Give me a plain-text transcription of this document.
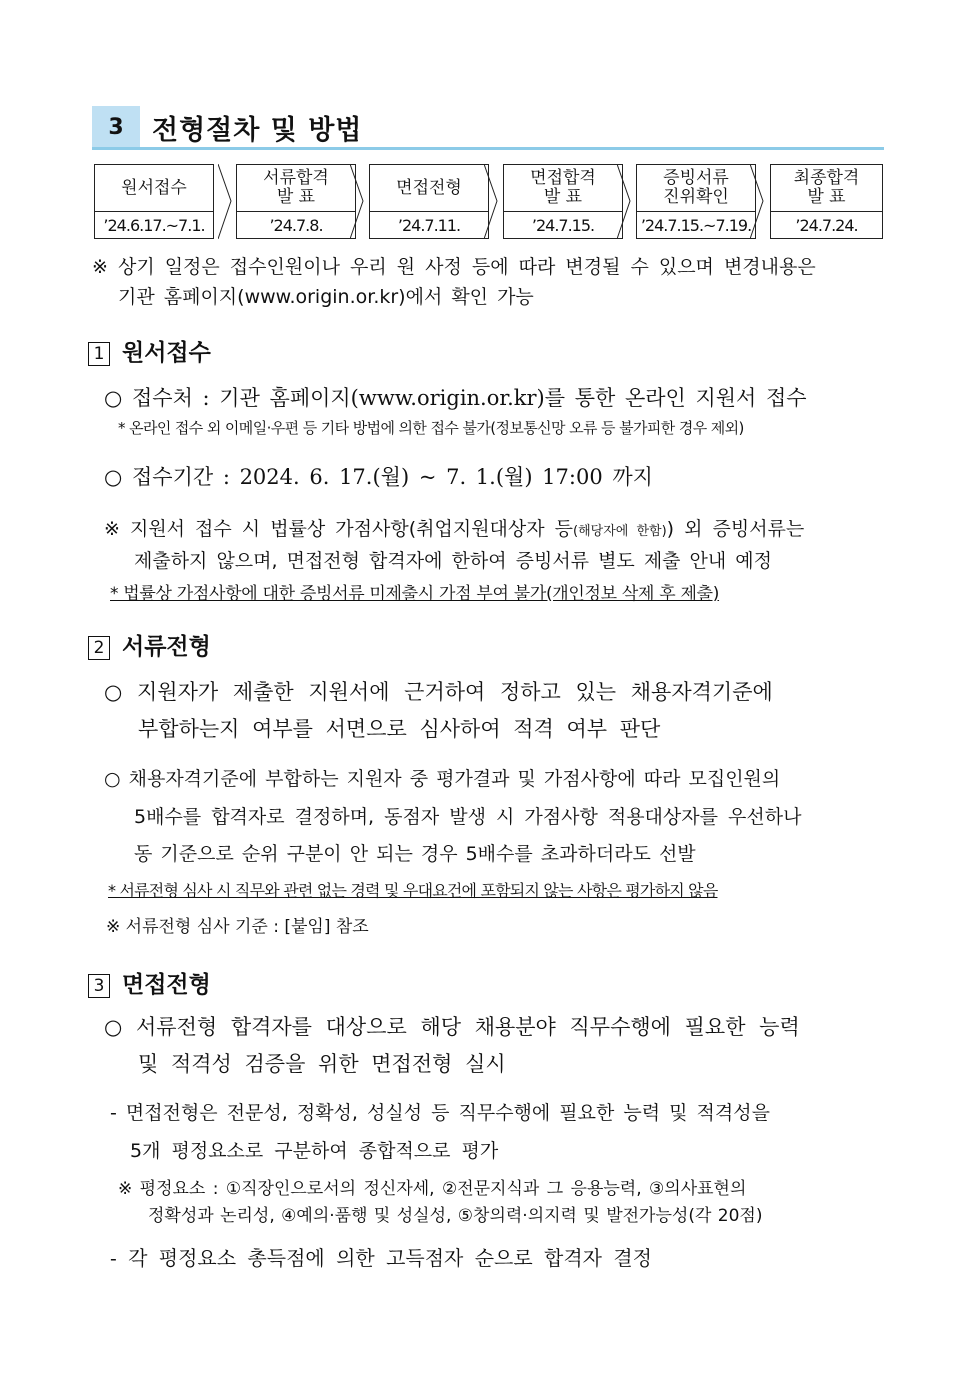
3	전형절차 및 방법
원서접수
’24.6.17.~7.1.
서류합격
발 표
’24.7.8.
면접전형
’24.7.11.
면접합격
발 표
’24.7.15.
증빙서류
진위확인
’24.7.15.~7.19.
최종합격
발 표
’24.7.24.
※ 상기 일정은 접수인원이나 우리 원 사정 등에 따라 변경될 수 있으며 변경내용은
기관 홈페이지(www.origin.or.kr)에서 확인 가능
1 원서접수
○ 접수처 : 기관 홈페이지(www.origin.or.kr)를 통한 온라인 지원서 접수
* 온라인 접수 외 이메일·우편 등 기타 방법에 의한 접수 불가(정보통신망 오류 등 불가피한 경우 제외)
○ 접수기간 : 2024. 6. 17.(월) ~ 7. 1.(월) 17:00 까지
※ 지원서 접수 시 법률상 가점사항(취업지원대상자 등(해당자에 한함)) 외 증빙서류는
제출하지 않으며, 면접전형 합격자에 한하여 증빙서류 별도 제출 안내 예정
* 법률상 가점사항에 대한 증빙서류 미제출시 가점 부여 불가(개인정보 삭제 후 제출)
2 서류전형
○ 지원자가 제출한 지원서에 근거하여 정하고 있는 채용자격기준에
부합하는지 여부를 서면으로 심사하여 적격 여부 판단
○ 채용자격기준에 부합하는 지원자 중 평가결과 및 가점사항에 따라 모집인원의
5배수를 합격자로 결정하며, 동점자 발생 시 가점사항 적용대상자를 우선하나
동 기준으로 순위 구분이 안 되는 경우 5배수를 초과하더라도 선발
* 서류전형 심사 시 직무와 관련 없는 경력 및 우대요건에 포함되지 않는 사항은 평가하지 않음
※ 서류전형 심사 기준 : [붙임] 참조
3 면접전형
○ 서류전형 합격자를 대상으로 해당 채용분야 직무수행에 필요한 능력
및 적격성 검증을 위한 면접전형 실시
- 면접전형은 전문성, 정확성, 성실성 등 직무수행에 필요한 능력 및 적격성을
5개 평정요소로 구분하여 종합적으로 평가
※ 평정요소 : ①직장인으로서의 정신자세, ②전문지식과 그 응용능력, ③의사표현의
정확성과 논리성, ④예의·품행 및 성실성, ⑤창의력·의지력 및 발전가능성(각 20점)
- 각 평정요소 총득점에 의한 고득점자 순으로 합격자 결정
